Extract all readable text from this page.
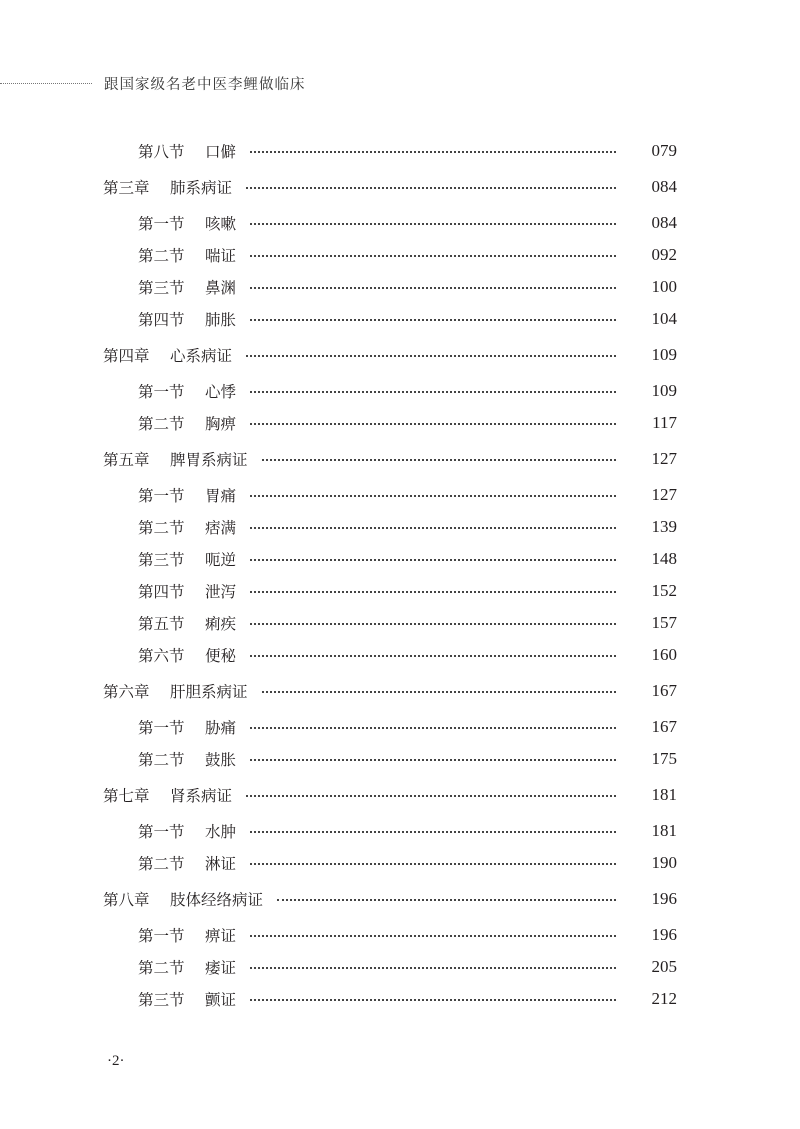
跟国家级名老中医李鲤做临床
第八节	口僻	079
第三章	肺系病证	084
第一节	咳嗽	084
第二节	喘证	092
第三节	鼻渊	100
第四节	肺胀	104
第四章	心系病证	109
第一节	心悸	109
第二节	胸痹	117
第五章	脾胃系病证	127
第一节	胃痛	127
第二节	痞满	139
第三节	呃逆	148
第四节	泄泻	152
第五节	痢疾	157
第六节	便秘	160
第六章	肝胆系病证	167
第一节	胁痛	167
第二节	鼓胀	175
第七章	肾系病证	181
第一节	水肿	181
第二节	淋证	190
第八章	肢体经络病证	196
第一节	痹证	196
第二节	痿证	205
第三节	颤证	212
·2·
